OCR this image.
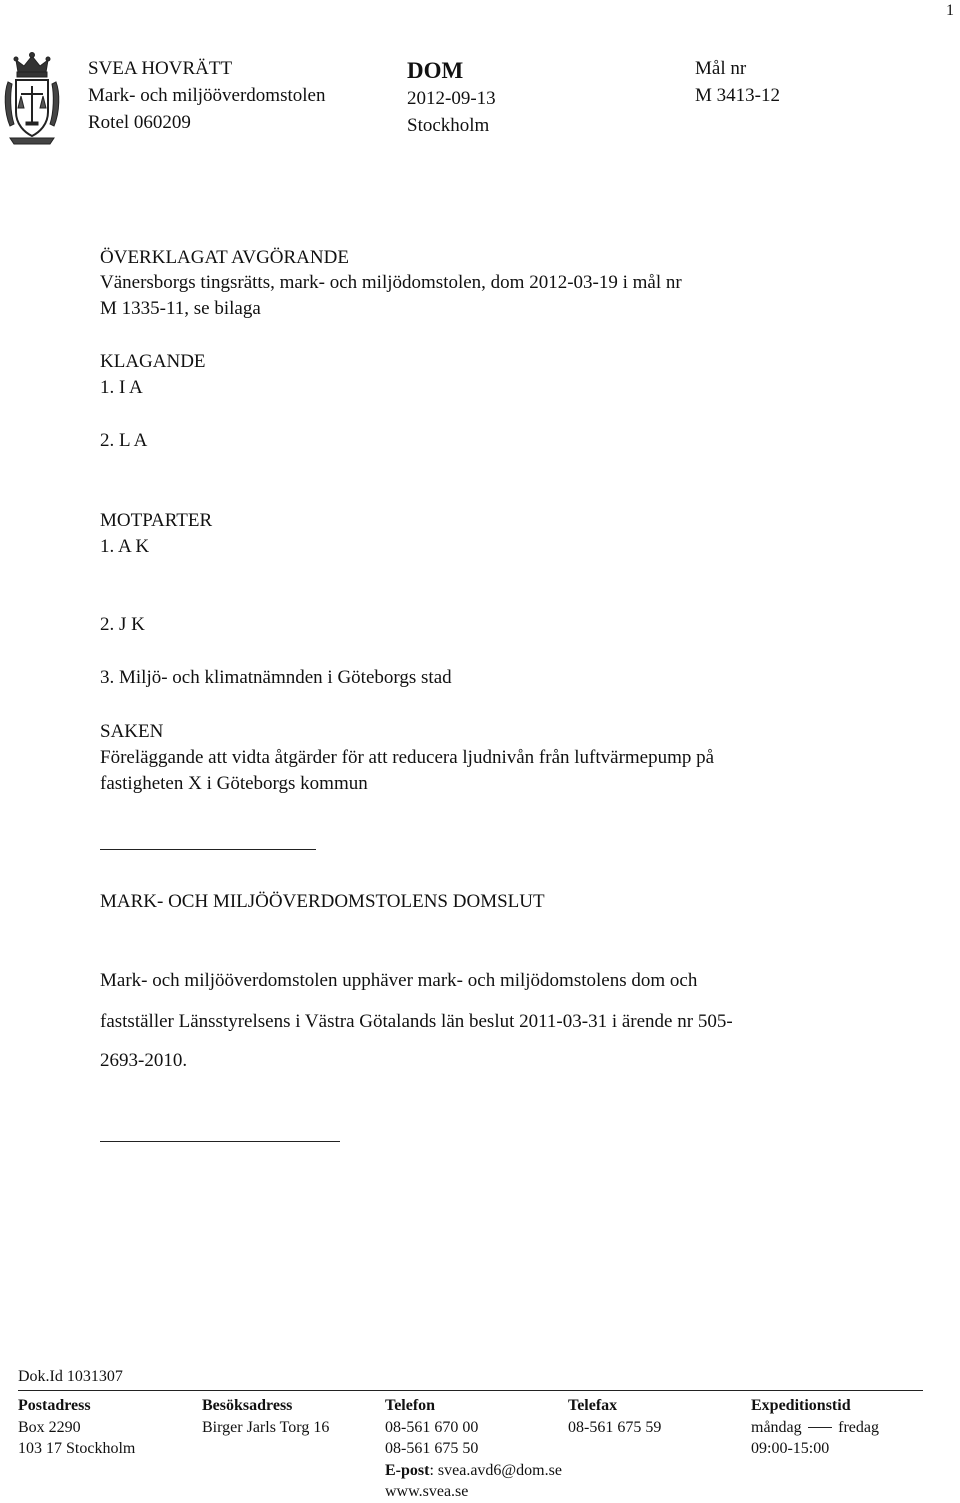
1
SVEA HOVRÄTT
Mark- och miljööverdomstolen
Rotel 060209
DOM
2012-09-13
Stockholm
Mål nr
M 3413-12
ÖVERKLAGAT AVGÖRANDE
Vänersborgs tingsrätts, mark- och miljödomstolen, dom 2012-03-19 i mål nr
M 1335-11, se bilaga
KLAGANDE
1. I A
2. L A
MOTPARTER
1. A K
2. J K
3. Miljö- och klimatnämnden i Göteborgs stad
SAKEN
Föreläggande att vidta åtgärder för att reducera ljudnivån från luftvärmepump på
fastigheten X i Göteborgs kommun
MARK- OCH MILJÖÖVERDOMSTOLENS DOMSLUT
Mark- och miljööverdomstolen upphäver mark- och miljödomstolens dom och
fastställer Länsstyrelsens i Västra Götalands län beslut 2011-03-31 i ärende nr 505-
2693-2010.
Dok.Id 1031307
Postadress
Box 2290
103 17 Stockholm
Besöksadress
Birger Jarls Torg 16
Telefon
08-561 670 00
08-561 675 50
E-post: svea.avd6@dom.se
www.svea.se
Telefax
08-561 675 59
Expeditionstid
måndag fredag
09:00-15:00
